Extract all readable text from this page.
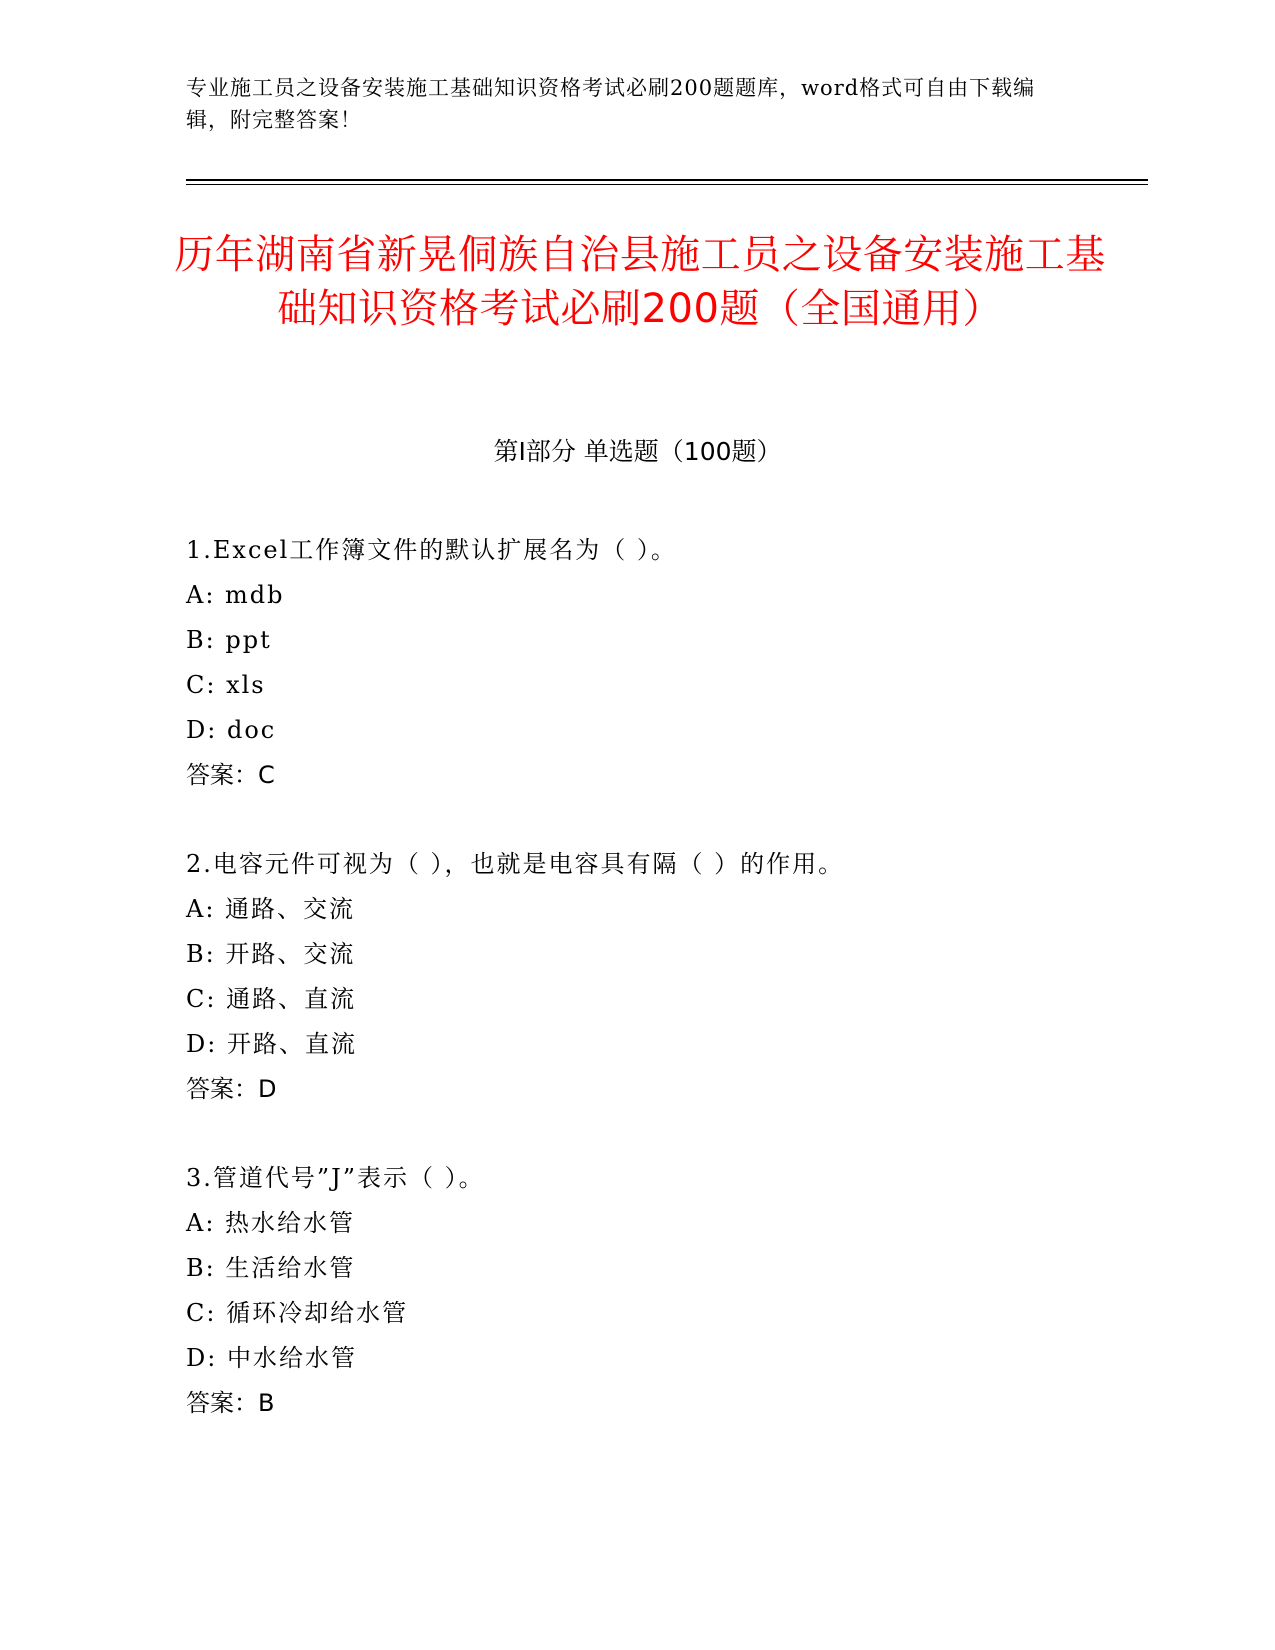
专业施工员之设备安装施工基础知识资格考试必刷200题题库，word格式可自由下载编辑，附完整答案！
历年湖南省新晃侗族自治县施工员之设备安装施工基础知识资格考试必刷200题（全国通用）
第Ⅰ部分 单选题（100题）
1.Excel工作簿文件的默认扩展名为（ ）。
A: mdb
B: ppt
C: xls
D: doc
答案：C
2.电容元件可视为（ ），也就是电容具有隔（ ）的作用。
A: 通路、交流
B: 开路、交流
C: 通路、直流
D: 开路、直流
答案：D
3.管道代号”J”表示（ ）。
A: 热水给水管
B: 生活给水管
C: 循环冷却给水管
D: 中水给水管
答案：B
